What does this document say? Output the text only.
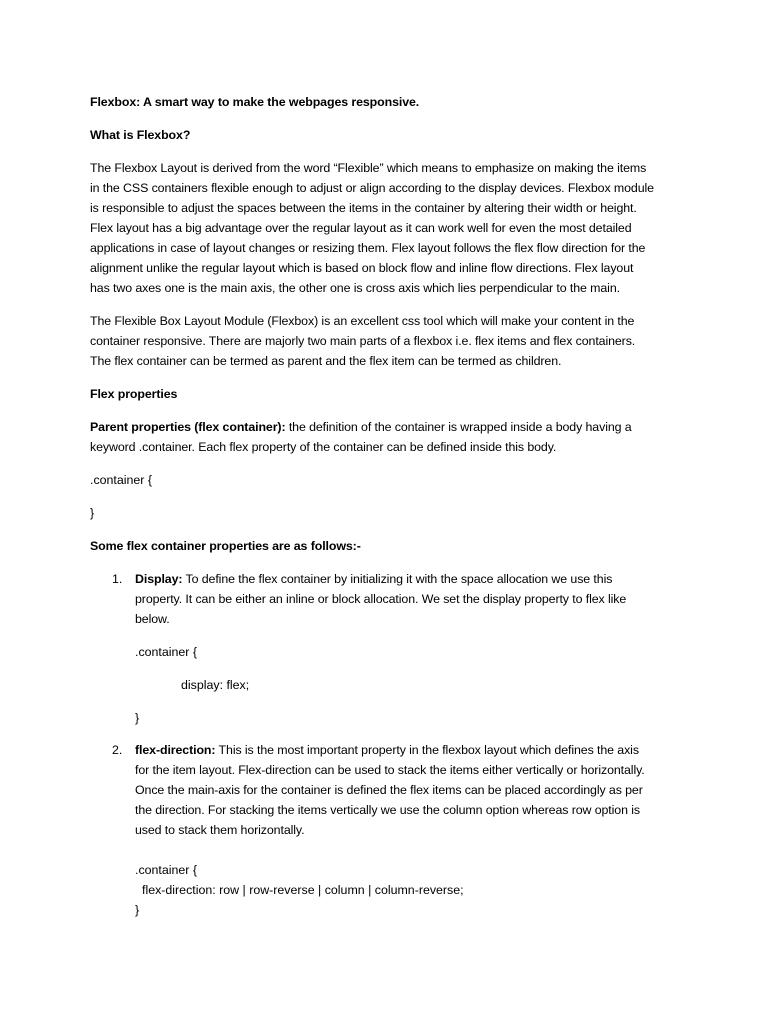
Flexbox: A smart way to make the webpages responsive.
What is Flexbox?
The Flexbox Layout is derived from the word “Flexible” which means to emphasize on making the items
in the CSS containers flexible enough to adjust or align according to the display devices. Flexbox module
is responsible to adjust the spaces between the items in the container by altering their width or height.
Flex layout has a big advantage over the regular layout as it can work well for even the most detailed
applications in case of layout changes or resizing them. Flex layout follows the flex flow direction for the
alignment unlike the regular layout which is based on block flow and inline flow directions. Flex layout
has two axes one is the main axis, the other one is cross axis which lies perpendicular to the main.
The Flexible Box Layout Module (Flexbox) is an excellent css tool which will make your content in the
container responsive. There are majorly two main parts of a flexbox i.e. flex items and flex containers.
The flex container can be termed as parent and the flex item can be termed as children.
Flex properties
Parent properties (flex container): the definition of the container is wrapped inside a body having a
keyword .container. Each flex property of the container can be defined inside this body.
.container {
}
Some flex container properties are as follows:-
1. Display: To define the flex container by initializing it with the space allocation we use this
property. It can be either an inline or block allocation. We set the display property to flex like
below.
.container {
display: flex;
}
2. flex-direction: This is the most important property in the flexbox layout which defines the axis
for the item layout. Flex-direction can be used to stack the items either vertically or horizontally.
Once the main-axis for the container is defined the flex items can be placed accordingly as per
the direction. For stacking the items vertically we use the column option whereas row option is
used to stack them horizontally.
.container {
flex-direction: row | row-reverse | column | column-reverse;
}
